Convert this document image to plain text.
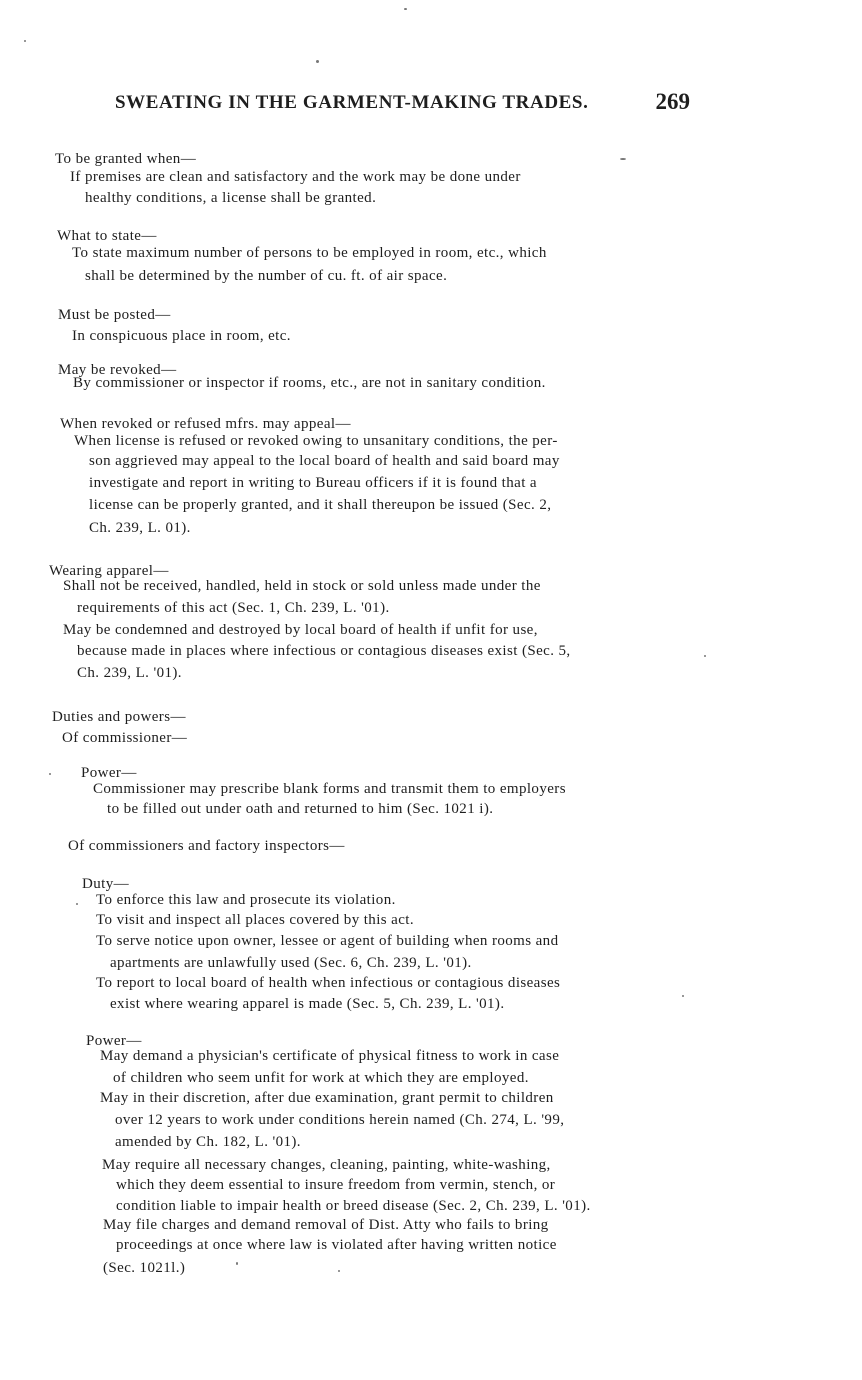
SWEATING IN THE GARMENT-MAKING TRADES.	269
To be granted when—
If premises are clean and satisfactory and the work may be done under
healthy conditions, a license shall be granted.
What to state—
To state maximum number of persons to be employed in room, etc., which
shall be determined by the number of cu. ft. of air space.
Must be posted—
In conspicuous place in room, etc.
May be revoked—
By commissioner or inspector if rooms, etc., are not in sanitary condition.
When revoked or refused mfrs. may appeal—
When license is refused or revoked owing to unsanitary conditions, the per-
son aggrieved may appeal to the local board of health and said board may
investigate and report in writing to Bureau officers if it is found that a
license can be properly granted, and it shall thereupon be issued (Sec. 2,
Ch. 239, L. 01).
Wearing apparel—
Shall not be received, handled, held in stock or sold unless made under the
requirements of this act (Sec. 1, Ch. 239, L. '01).
May be condemned and destroyed by local board of health if unfit for use,
because made in places where infectious or contagious diseases exist (Sec. 5,
Ch. 239, L. '01).
Duties and powers—
Of commissioner—
Power—
Commissioner may prescribe blank forms and transmit them to employers
to be filled out under oath and returned to him (Sec. 1021 i).
Of commissioners and factory inspectors—
Duty—
To enforce this law and prosecute its violation.
To visit and inspect all places covered by this act.
To serve notice upon owner, lessee or agent of building when rooms and
apartments are unlawfully used (Sec. 6, Ch. 239, L. '01).
To report to local board of health when infectious or contagious diseases
exist where wearing apparel is made (Sec. 5, Ch. 239, L. '01).
Power—
May demand a physician's certificate of physical fitness to work in case
of children who seem unfit for work at which they are employed.
May in their discretion, after due examination, grant permit to children
over 12 years to work under conditions herein named (Ch. 274, L. '99,
amended by Ch. 182, L. '01).
May require all necessary changes, cleaning, painting, white-washing,
which they deem essential to insure freedom from vermin, stench, or
condition liable to impair health or breed disease (Sec. 2, Ch. 239, L. '01).
May file charges and demand removal of Dist. Atty who fails to bring
proceedings at once where law is violated after having written notice
(Sec. 1021l.)
